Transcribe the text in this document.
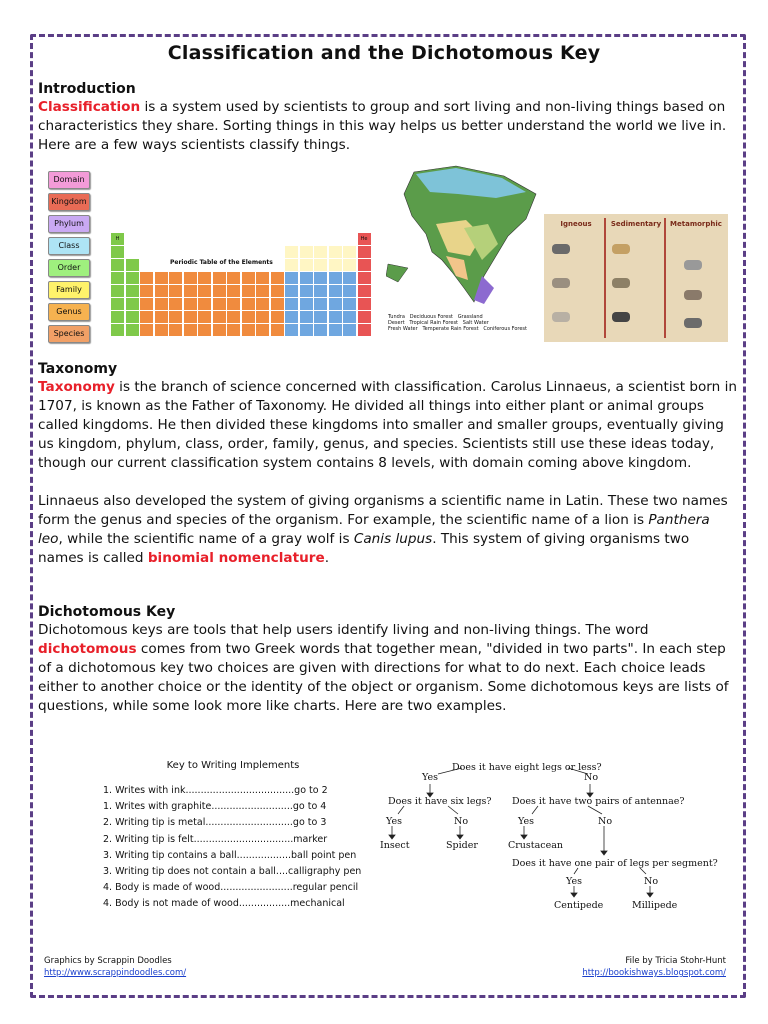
Classification and the Dichotomous Key

Introduction

Classification is a system used by scientists to group and sort living and non-living things based on characteristics they share. Sorting things in this way helps us better understand the world we live in. Here are a few ways scientists classify things.

Domain
Kingdom
Phylum
Class
Order
Family
Genus
Species
Periodic Table of the Elements
H	He
Tundra Deciduous Forest Grassland
Desert Tropical Rain Forest Salt Water
Fresh Water Temperate Rain Forest Coniferous Forest
Igneous	Sedimentary	Metamorphic

Taxonomy

Taxonomy is the branch of science concerned with classification. Carolus Linnaeus, a scientist born in 1707, is known as the Father of Taxonomy. He divided all things into either plant or animal groups called kingdoms. He then divided these kingdoms into smaller and smaller groups, eventually giving us kingdom, phylum, class, order, family, genus, and species. Scientists still use these ideas today, though our current classification system contains 8 levels, with domain coming above kingdom.

Linnaeus also developed the system of giving organisms a scientific name in Latin. These two names form the genus and species of the organism. For example, the scientific name of a lion is Panthera leo, while the scientific name of a gray wolf is Canis lupus. This system of giving organisms two names is called binomial nomenclature.

Dichotomous Key

Dichotomous keys are tools that help users identify living and non-living things. The word dichotomous comes from two Greek words that together mean, "divided in two parts". In each step of a dichotomous key two choices are given with directions for what to do next. Each choice leads either to another choice or the identity of the object or organism. Some dichotomous keys are lists of questions, while some look more like charts. Here are two examples.

Key to Writing Implements
1. Writes with ink....................................go to 2
1. Writes with graphite...........................go to 4
2. Writing tip is metal.............................go to 3
2. Writing tip is felt.................................marker
3. Writing tip contains a ball..................ball point pen
3. Writing tip does not contain a ball....calligraphy pen
4. Body is made of wood........................regular pencil
4. Body is not made of wood.................mechanical
Does it have eight legs or less?
Yes	No
Does it have six legs? Does it have two pairs of antennae?
Yes	No	Yes	No
Insect	Spider	Crustacean
Does it have one pair of legs per segment?
Yes	No
Centipede	Millipede
Graphics by Scrappin Doodles
http://www.scrappindoodles.com/
File by Tricia Stohr-Hunt
http://bookishways.blogspot.com/
